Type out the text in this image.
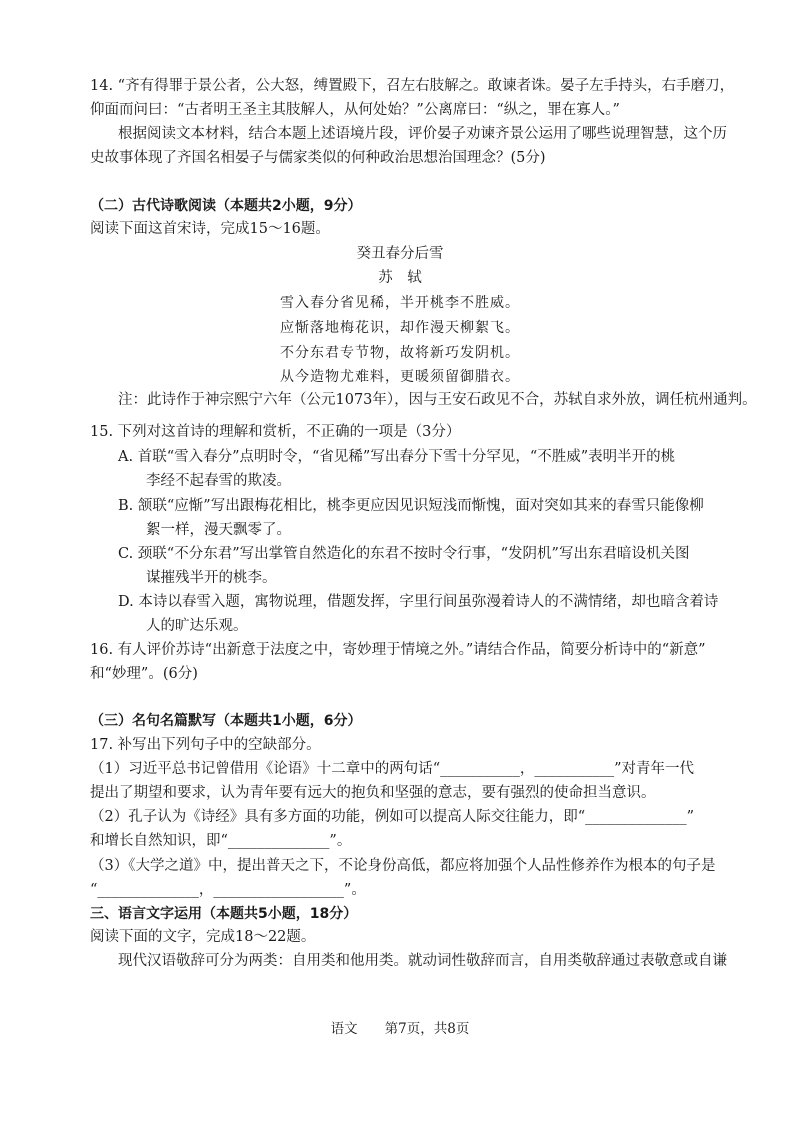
14. “齐有得罪于景公者，公大怒，缚置殿下，召左右肢解之。敢谏者诛。晏子左手持头，右手磨刀，
仰面而问曰：“古者明王圣主其肢解人，从何处始？”公离席曰：“纵之，罪在寡人。”
根据阅读文本材料，结合本题上述语境片段，评价晏子劝谏齐景公运用了哪些说理智慧，这个历
史故事体现了齐国名相晏子与儒家类似的何种政治思想治国理念？(5分)
（二）古代诗歌阅读（本题共2小题，9分）
阅读下面这首宋诗，完成15～16题。
癸丑春分后雪
苏　轼
雪入春分省见稀，半开桃李不胜威。
应惭落地梅花识，却作漫天柳絮飞。
不分东君专节物，故将新巧发阴机。
从今造物尤难料，更暖须留御腊衣。
注：此诗作于神宗熙宁六年（公元1073年），因与王安石政见不合，苏轼自求外放，调任杭州通判。
15. 下列对这首诗的理解和赏析，不正确的一项是（3分）
A. 首联“雪入春分”点明时令，“省见稀”写出春分下雪十分罕见，“不胜威”表明半开的桃
李经不起春雪的欺凌。
B. 颔联“应惭”写出跟梅花相比，桃李更应因见识短浅而惭愧，面对突如其来的春雪只能像柳
絮一样，漫天飘零了。
C. 颈联“不分东君”写出掌管自然造化的东君不按时令行事，“发阴机”写出东君暗设机关图
谋摧残半开的桃李。
D. 本诗以春雪入题，寓物说理，借题发挥，字里行间虽弥漫着诗人的不满情绪，却也暗含着诗
人的旷达乐观。
16. 有人评价苏诗“出新意于法度之中，寄妙理于情境之外。”请结合作品，简要分析诗中的“新意”
和“妙理”。(6分)
（三）名句名篇默写（本题共1小题，6分）
17. 补写出下列句子中的空缺部分。
（1）习近平总书记曾借用《论语》十二章中的两句话“___________，___________”对青年一代
提出了期望和要求，认为青年要有远大的抱负和坚强的意志，要有强烈的使命担当意识。
（2）孔子认为《诗经》具有多方面的功能，例如可以提高人际交往能力，即“______________”
和增长自然知识，即“______________”。
（3）《大学之道》中，提出普天之下，不论身份高低，都应将加强个人品性修养作为根本的句子是
“______________，__________________”。
三、语言文字运用（本题共5小题，18分）
阅读下面的文字，完成18～22题。
现代汉语敬辞可分为两类：自用类和他用类。就动词性敬辞而言，自用类敬辞通过表敬意或自谦
语文　　第7页，共8页
